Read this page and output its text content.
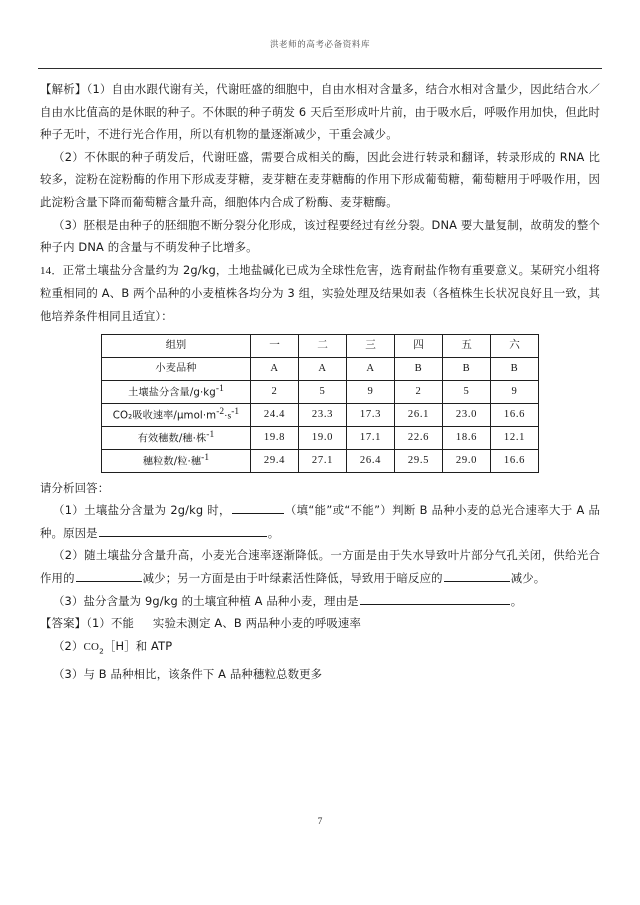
洪老师的高考必备资料库

【解析】（1）自由水跟代谢有关，代谢旺盛的细胞中，自由水相对含量多，结合水相对含量少，因此结合水／自由水比值高的是休眠的种子。不休眠的种子萌发 6 天后至形成叶片前，由于吸水后，呼吸作用加快，但此时种子无叶，不进行光合作用，所以有机物的量逐渐减少，干重会减少。

（2）不休眠的种子萌发后，代谢旺盛，需要合成相关的酶，因此会进行转录和翻译，转录形成的 RNA 比较多，淀粉在淀粉酶的作用下形成麦芽糖，麦芽糖在麦芽糖酶的作用下形成葡萄糖，葡萄糖用于呼吸作用，因此淀粉含量下降而葡萄糖含量升高，细胞体内合成了粉酶、麦芽糖酶。

（3）胚根是由种子的胚细胞不断分裂分化形成，该过程要经过有丝分裂。DNA 要大量复制，故萌发的整个种子内 DNA 的含量与不萌发种子比增多。

14．正常土壤盐分含量约为 2g/kg，土地盐碱化已成为全球性危害，选育耐盐作物有重要意义。某研究小组将粒重相同的 A、B 两个品种的小麦植株各均分为 3 组，实验处理及结果如表（各植株生长状况良好且一致，其他培养条件相同且适宜）：

组别	一	二	三	四	五	六
小麦品种	A	A	A	B	B	B
土壤盐分含量$/g\cdot kg^{-1}$	2	5	9	2	5	9
CO₂吸收速率$/\mu mol\cdot m^{-2}\cdot s^{-1}$	24.4	23.3	17.3	26.1	23.0	16.6
有效穗数/穗·株$^{-1}$	19.8	19.0	17.1	22.6	18.6	12.1
穗粒数/粒·穗$^{-1}$	29.4	27.1	26.4	29.5	29.0	16.6

请分析回答：

（1）土壤盐分含量为 2g/kg 时，	（填“能”或“不能”）判断 B 品种小麦的总光合速率大于 A 品种。原因是	。

（2）随土壤盐分含量升高，小麦光合速率逐渐降低。一方面是由于失水导致叶片部分气孔关闭，供给光合作用的	减少；另一方面是由于叶绿素活性降低，导致用于暗反应的	减少。

（3）盐分含量为 9g/kg 的土壤宜种植 A 品种小麦，理由是	。

【答案】（1）不能 实验未测定 A、B 两品种小麦的呼吸速率

$(2)CO_2[H]$和 ATP

（3）与 B 品种相比，该条件下 A 品种穗粒总数更多

7
